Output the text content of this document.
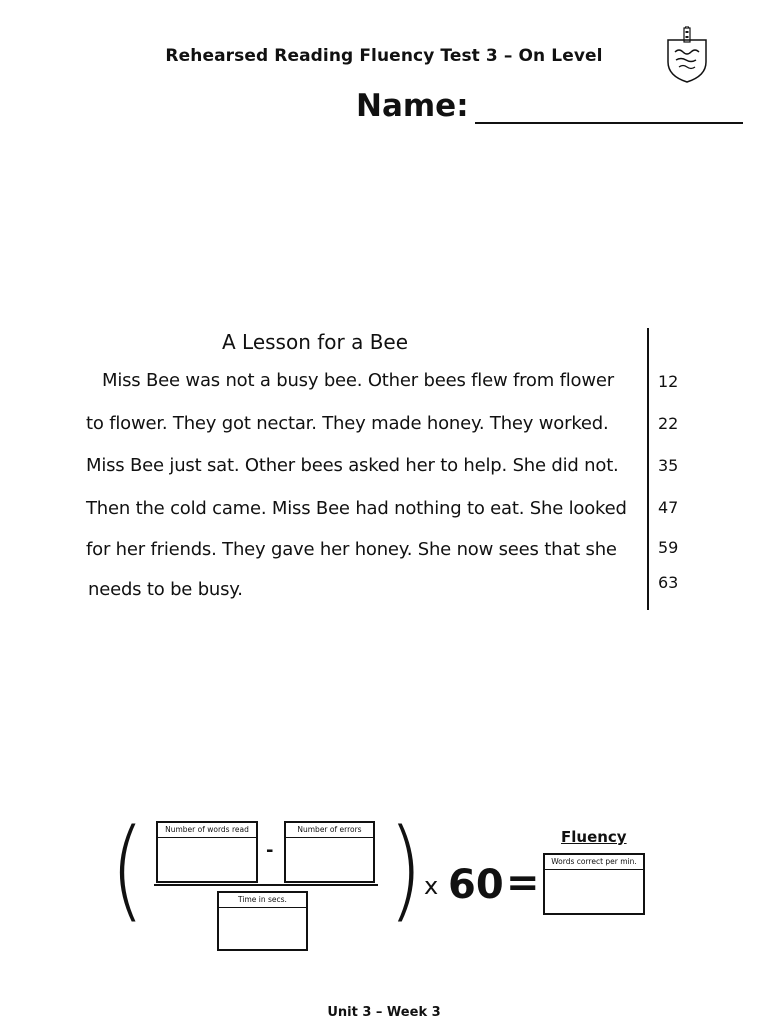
Rehearsed Reading Fluency Test 3 – On Level
Name:
A Lesson for a Bee
Miss Bee was not a busy bee. Other bees flew from flower
to flower. They got nectar. They made honey. They worked.
Miss Bee just sat. Other bees asked her to help. She did not.
Then the cold came. Miss Bee had nothing to eat. She looked
for her friends. They gave her honey. She now sees that she
needs to be busy.
12
22
35
47
59
63
(	Number of words read
-
Number of errors
Time in secs. ) x 60 =
Fluency
Words correct per min.
Unit 3 – Week 3
